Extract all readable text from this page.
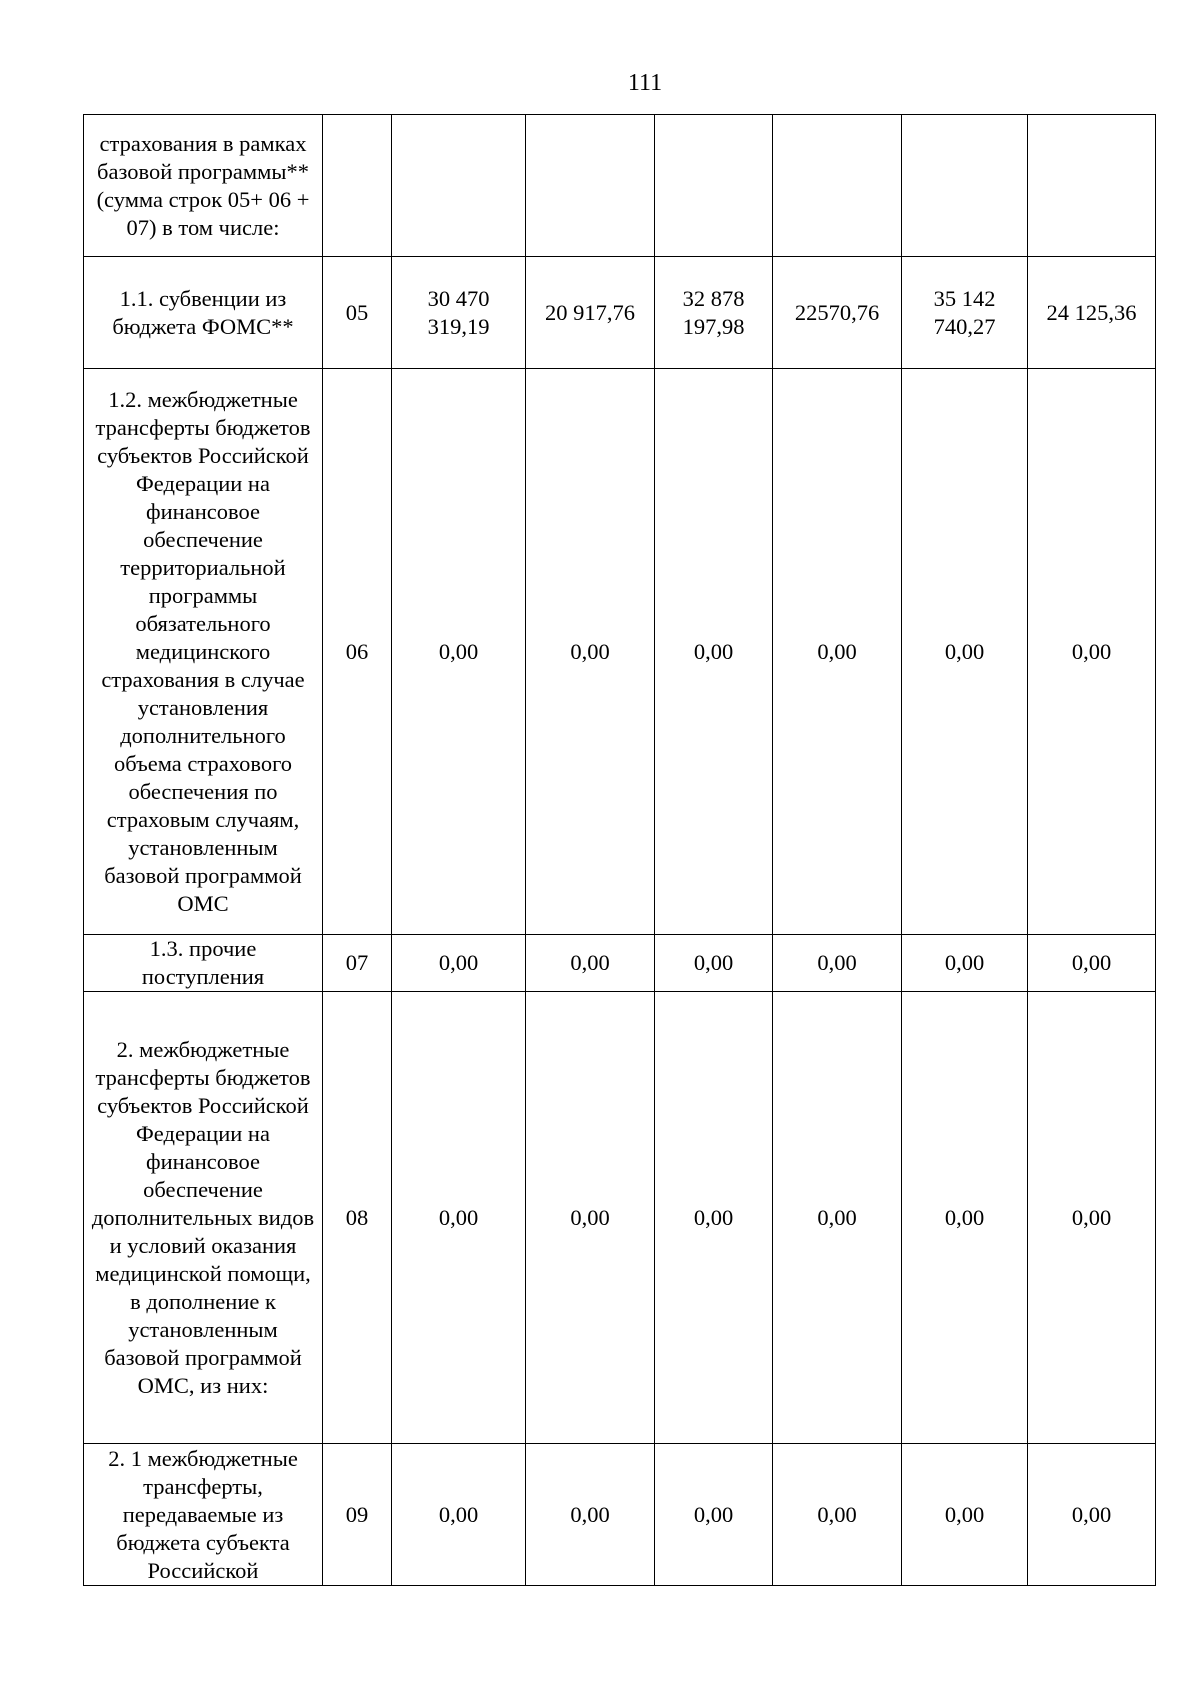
111
страхования в рамках базовой программы** (сумма строк 05+ 06 + 07) в том числе:							
1.1. субвенции из бюджета ФОМС**	05	30 470 319,19	20 917,76	32 878 197,98	22570,76	35 142 740,27	24 125,36
1.2. межбюджетные трансферты бюджетов субъектов Российской Федерации на финансовое обеспечение территориальной программы обязательного медицинского страхования в случае установления дополнительного объема страхового обеспечения по страховым случаям, установленным базовой программой ОМС	06	0,00	0,00	0,00	0,00	0,00	0,00
1.3. прочие поступления	07	0,00	0,00	0,00	0,00	0,00	0,00
2. межбюджетные трансферты бюджетов субъектов Российской Федерации на финансовое обеспечение дополнительных видов и условий оказания медицинской помощи, в дополнение к установленным базовой программой ОМС, из них:	08	0,00	0,00	0,00	0,00	0,00	0,00
2. 1 межбюджетные трансферты, передаваемые из бюджета субъекта Российской	09	0,00	0,00	0,00	0,00	0,00	0,00
